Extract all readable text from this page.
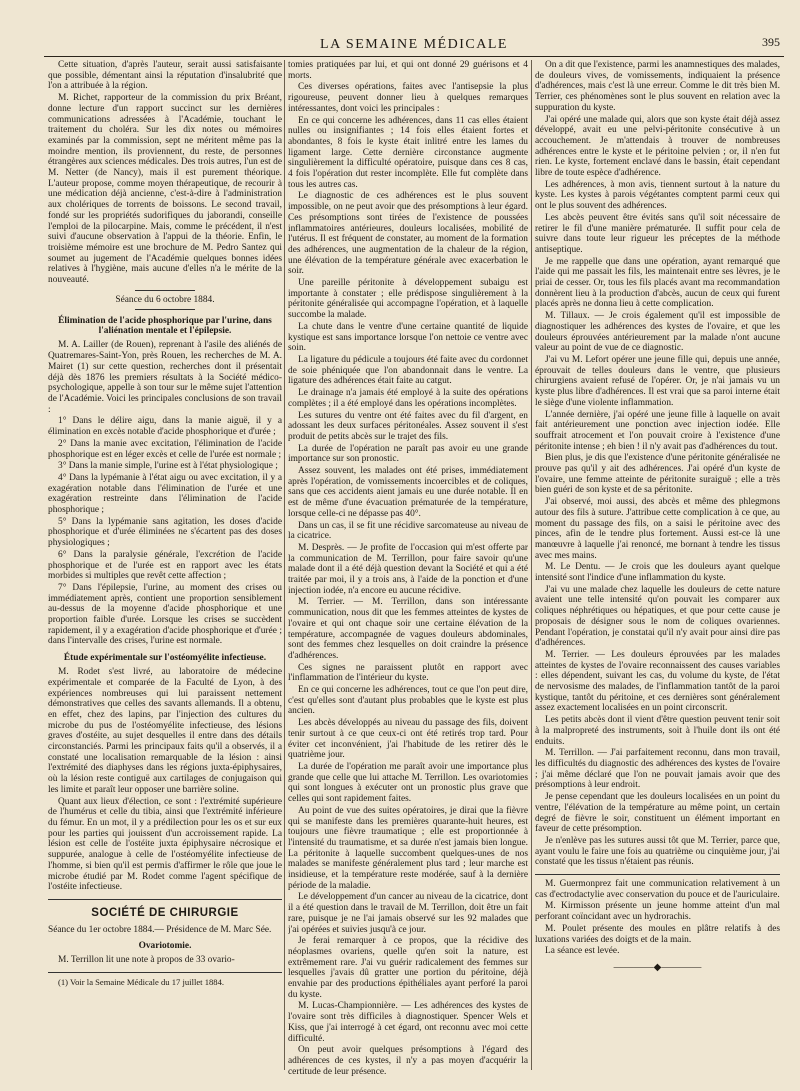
LA SEMAINE MÉDICALE	395

Cette situation, d'après l'auteur, serait aussi satisfaisante que possible, démentant ainsi la réputation d'insalubrité que l'on a attribuée à la région.

M. Richet, rapporteur de la commission du prix Bréant, donne lecture d'un rapport succinct sur les dernières communications adressées à l'Académie, touchant le traitement du choléra. Sur les dix notes ou mémoires examinés par la commission, sept ne méritent même pas la moindre mention, ils proviennent, du reste, de personnes étrangères aux sciences médicales. Des trois autres, l'un est de M. Netter (de Nancy), mais il est purement théorique. L'auteur propose, comme moyen thérapeutique, de recourir à une médication déjà ancienne, c'est-à-dire à l'administration aux cholériques de torrents de boissons. Le second travail, fondé sur les propriétés sudorifiques du jaborandi, conseille l'emploi de la pilocarpine. Mais, comme le précédent, il n'est suivi d'aucune observation à l'appui de la théorie. Enfin, le troisième mémoire est une brochure de M. Pedro Santez qui soumet au jugement de l'Académie quelques bonnes idées relatives à l'hygiène, mais aucune d'elles n'a le mérite de la nouveauté.

Séance du 6 octobre 1884.

Élimination de l'acide phosphorique par l'urine, dans l'aliénation mentale et l'épilepsie.

M. A. Lailler (de Rouen), reprenant à l'asile des aliénés de Quatremares-Saint-Yon, près Rouen, les recherches de M. A. Mairet (1) sur cette question, recherches dont il présentait déjà dès 1876 les premiers résultats à la Société médico-psychologique, appelle à son tour sur le même sujet l'attention de l'Académie. Voici les principales conclusions de son travail :

1° Dans le délire aigu, dans la manie aiguë, il y a élimination en excès notable d'acide phosphorique et d'urée ;

2° Dans la manie avec excitation, l'élimination de l'acide phosphorique est en léger excès et celle de l'urée est normale ;

3° Dans la manie simple, l'urine est à l'état physiologique ;

4° Dans la lypémanie à l'état aigu ou avec excitation, il y a exagération notable dans l'élimination de l'urée et une exagération restreinte dans l'élimination de l'acide phosphorique ;

5° Dans la lypémanie sans agitation, les doses d'acide phosphorique et d'urée éliminées ne s'écartent pas des doses physiologiques ;

6° Dans la paralysie générale, l'excrétion de l'acide phosphorique et de l'urée est en rapport avec les états morbides si multiples que revêt cette affection ;

7° Dans l'épilepsie, l'urine, au moment des crises ou immédiatement après, contient une proportion sensiblement au-dessus de la moyenne d'acide phosphorique et une proportion faible d'urée. Lorsque les crises se succèdent rapidement, il y a exagération d'acide phosphorique et d'urée ; dans l'intervalle des crises, l'urine est normale.

Étude expérimentale sur l'ostéomyélite infectieuse.

M. Rodet s'est livré, au laboratoire de médecine expérimentale et comparée de la Faculté de Lyon, à des expériences nombreuses qui lui paraissent nettement démonstratives que celles des savants allemands. Il a obtenu, en effet, chez des lapins, par l'injection des cultures du microbe du pus de l'ostéomyélite infectieuse, des lésions graves d'ostéite, au sujet desquelles il entre dans des détails circonstanciés. Parmi les principaux faits qu'il a observés, il a constaté une localisation remarquable de la lésion : ainsi l'extrémité des diaphyses dans les régions juxta-épiphysaires, où la lésion reste contiguë aux cartilages de conjugaison qui les limite et paraît leur opposer une barrière soline.

Quant aux lieux d'élection, ce sont : l'extrémité supérieure de l'humérus et celle du tibia, ainsi que l'extrémité inférieure du fémur. En un mot, il y a prédilection pour les os et sur eux pour les parties qui jouissent d'un accroissement rapide. La lésion est celle de l'ostéite juxta épiphysaire nécrosique et suppurée, analogue à celle de l'ostéomyélite infectieuse de l'homme, si bien qu'il est permis d'affirmer le rôle que joue le microbe étudié par M. Rodet comme l'agent spécifique de l'ostéite infectieuse.

SOCIÉTÉ DE CHIRURGIE

Séance du 1er octobre 1884.— Présidence de M. Marc Sée.

Ovariotomie.

M. Terrillon lit une note à propos de 33 ovario-

(1) Voir la Semaine Médicale du 17 juillet 1884.

tomies pratiquées par lui, et qui ont donné 29 guérisons et 4 morts.

Ces diverses opérations, faites avec l'antisepsie la plus rigoureuse, peuvent donner lieu à quelques remarques intéressantes, dont voici les principales :

En ce qui concerne les adhérences, dans 11 cas elles étaient nulles ou insignifiantes ; 14 fois elles étaient fortes et abondantes, 8 fois le kyste était inlitré entre les lames du ligament large. Cette dernière circonstance augmente singulièrement la difficulté opératoire, puisque dans ces 8 cas, 4 fois l'opération dut rester incomplète. Elle fut complète dans tous les autres cas.

Le diagnostic de ces adhérences est le plus souvent impossible, on ne peut avoir que des présomptions à leur égard. Ces présomptions sont tirées de l'existence de poussées inflammatoires antérieures, douleurs localisées, mobilité de l'utérus. Il est fréquent de constater, au moment de la formation des adhérences, une augmentation de la chaleur de la région, une élévation de la température générale avec exacerbation le soir.

Une pareille péritonite à développement subaigu est importante à constater ; elle prédispose singulièrement à la péritonite généralisée qui accompagne l'opération, et à laquelle succombe la malade.

La chute dans le ventre d'une certaine quantité de liquide kystique est sans importance lorsque l'on nettoie ce ventre avec soin.

La ligature du pédicule a toujours été faite avec du cordonnet de soie phéniquée que l'on abandonnait dans le ventre. La ligature des adhérences était faite au catgut.

Le drainage n'a jamais été employé à la suite des opérations complètes ; il a été employé dans les opérations incomplètes.

Les sutures du ventre ont été faites avec du fil d'argent, en adossant les deux surfaces péritonéales. Assez souvent il s'est produit de petits abcès sur le trajet des fils.

La durée de l'opération ne paraît pas avoir eu une grande importance sur son pronostic.

Assez souvent, les malades ont été prises, immédiatement après l'opération, de vomissements incoercibles et de coliques, sans que ces accidents aient jamais eu une durée notable. Il en est de même d'une évacuation prématurée de la température, lorsque celle-ci ne dépasse pas 40°.

Dans un cas, il se fit une récidive sarcomateuse au niveau de la cicatrice.

M. Desprès. — Je profite de l'occasion qui m'est offerte par la communication de M. Terrillon, pour faire savoir qu'une malade dont il a été déjà question devant la Société et qui a été traitée par moi, il y a trois ans, à l'aide de la ponction et d'une injection iodée, n'a encore eu aucune récidive.

M. Terrier. — M. Terrillon, dans son intéressante communication, nous dit que les femmes atteintes de kystes de l'ovaire et qui ont chaque soir une certaine élévation de la température, accompagnée de vagues douleurs abdominales, sont des femmes chez lesquelles on doit craindre la présence d'adhérences.

Ces signes ne paraissent plutôt en rapport avec l'inflammation de l'intérieur du kyste.

En ce qui concerne les adhérences, tout ce que l'on peut dire, c'est qu'elles sont d'autant plus probables que le kyste est plus ancien.

Les abcès développés au niveau du passage des fils, doivent tenir surtout à ce que ceux-ci ont été retirés trop tard. Pour éviter cet inconvénient, j'ai l'habitude de les retirer dès le quatrième jour.

La durée de l'opération me paraît avoir une importance plus grande que celle que lui attache M. Terrillon. Les ovariotomies qui sont longues à exécuter ont un pronostic plus grave que celles qui sont rapidement faites.

Au point de vue des suites opératoires, je dirai que la fièvre qui se manifeste dans les premières quarante-huit heures, est toujours une fièvre traumatique ; elle est proportionnée à l'intensité du traumatisme, et sa durée n'est jamais bien longue. La péritonite à laquelle succombent quelques-unes de nos malades se manifeste généralement plus tard ; leur marche est insidieuse, et la température reste modérée, sauf à la dernière période de la maladie.

Le développement d'un cancer au niveau de la cicatrice, dont il a été question dans le travail de M. Terrillon, doit être un fait rare, puisque je ne l'ai jamais observé sur les 92 malades que j'ai opérées et suivies jusqu'à ce jour.

Je ferai remarquer à ce propos, que la récidive des néoplasmes ovariens, quelle qu'en soit la nature, est extrêmement rare. J'ai vu guérir radicalement des femmes sur lesquelles j'avais dû gratter une portion du péritoine, déjà envahie par des productions épithéliales ayant perforé la paroi du kyste.

M. Lucas-Championnière. — Les adhérences des kystes de l'ovaire sont très difficiles à diagnostiquer. Spencer Wels et Kiss, que j'ai interrogé à cet égard, ont reconnu avec moi cette difficulté.

On peut avoir quelques présomptions à l'égard des adhérences de ces kystes, il n'y a pas moyen d'acquérir la certitude de leur présence.

On a dit que l'existence, parmi les anamnestiques des malades, de douleurs vives, de vomissements, indiquaient la présence d'adhérences, mais c'est là une erreur. Comme le dit très bien M. Terrier, ces phénomènes sont le plus souvent en relation avec la suppuration du kyste.

J'ai opéré une malade qui, alors que son kyste était déjà assez développé, avait eu une pelvi-péritonite consécutive à un accouchement. Je m'attendais à trouver de nombreuses adhérences entre le kyste et le péritoine pelvien ; or, il n'en fut rien. Le kyste, fortement enclavé dans le bassin, était cependant libre de toute espèce d'adhérence.

Les adhérences, à mon avis, tiennent surtout à la nature du kyste. Les kystes à parois végétantes comptent parmi ceux qui ont le plus souvent des adhérences.

Les abcès peuvent être évités sans qu'il soit nécessaire de retirer le fil d'une manière prématurée. Il suffit pour cela de suivre dans toute leur rigueur les préceptes de la méthode antiseptique.

Je me rappelle que dans une opération, ayant remarqué que l'aide qui me passait les fils, les maintenait entre ses lèvres, je le priai de cesser. Or, tous les fils placés avant ma recommandation donnèrent lieu à la production d'abcès, aucun de ceux qui furent placés après ne donna lieu à cette complication.

M. Tillaux. — Je crois également qu'il est impossible de diagnostiquer les adhérences des kystes de l'ovaire, et que les douleurs éprouvées antérieurement par la malade n'ont aucune valeur au point de vue de ce diagnostic.

J'ai vu M. Lefort opérer une jeune fille qui, depuis une année, éprouvait de telles douleurs dans le ventre, que plusieurs chirurgiens avaient refusé de l'opérer. Or, je n'ai jamais vu un kyste plus libre d'adhérences. Il est vrai que sa paroi interne était le siège d'une violente inflammation.

L'année dernière, j'ai opéré une jeune fille à laquelle on avait fait antérieurement une ponction avec injection iodée. Elle souffrait atrocement et l'on pouvait croire à l'existence d'une péritonite intense ; eh bien ! il n'y avait pas d'adhérences du tout.

Bien plus, je dis que l'existence d'une péritonite généralisée ne prouve pas qu'il y ait des adhérences. J'ai opéré d'un kyste de l'ovaire, une femme atteinte de péritonite suraiguë ; elle a très bien guéri de son kyste et de sa péritonite.

J'ai observé, moi aussi, des abcès et même des phlegmons autour des fils à suture. J'attribue cette complication à ce que, au moment du passage des fils, on a saisi le péritoine avec des pinces, afin de le tendre plus fortement. Aussi est-ce là une manœuvre à laquelle j'ai renoncé, me bornant à tendre les tissus avec mes mains.

M. Le Dentu. — Je crois que les douleurs ayant quelque intensité sont l'indice d'une inflammation du kyste.

J'ai vu une malade chez laquelle les douleurs de cette nature avaient une telle intensité qu'on pouvait les comparer aux coliques néphrétiques ou hépatiques, et que pour cette cause je proposais de désigner sous le nom de coliques ovariennes. Pendant l'opération, je constatai qu'il n'y avait pour ainsi dire pas d'adhérences.

M. Terrier. — Les douleurs éprouvées par les malades atteintes de kystes de l'ovaire reconnaissent des causes variables : elles dépendent, suivant les cas, du volume du kyste, de l'état de nervosisme des malades, de l'inflammation tantôt de la paroi kystique, tantôt du péritoine, et ces dernières sont généralement assez exactement localisées en un point circonscrit.

Les petits abcès dont il vient d'être question peuvent tenir soit à la malpropreté des instruments, soit à l'huile dont ils ont été enduits.

M. Terrillon. — J'ai parfaitement reconnu, dans mon travail, les difficultés du diagnostic des adhérences des kystes de l'ovaire ; j'ai même déclaré que l'on ne pouvait jamais avoir que des présomptions à leur endroit.

Je pense cependant que les douleurs localisées en un point du ventre, l'élévation de la température au même point, un certain degré de fièvre le soir, constituent un élément important en faveur de cette présomption.

Je n'enlève pas les sutures aussi tôt que M. Terrier, parce que, ayant voulu le faire une fois au quatrième ou cinquième jour, j'ai constaté que les tissus n'étaient pas réunis.

M. Guermonprez fait une communication relativement à un cas d'ectrodactylie avec conservation du pouce et de l'auriculaire.

M. Kirmisson présente un jeune homme atteint d'un mal perforant coïncidant avec un hydrorachis.

M. Poulet présente des moules en plâtre relatifs à des luxations variées des doigts et de la main.

La séance est levée.

————◆————
